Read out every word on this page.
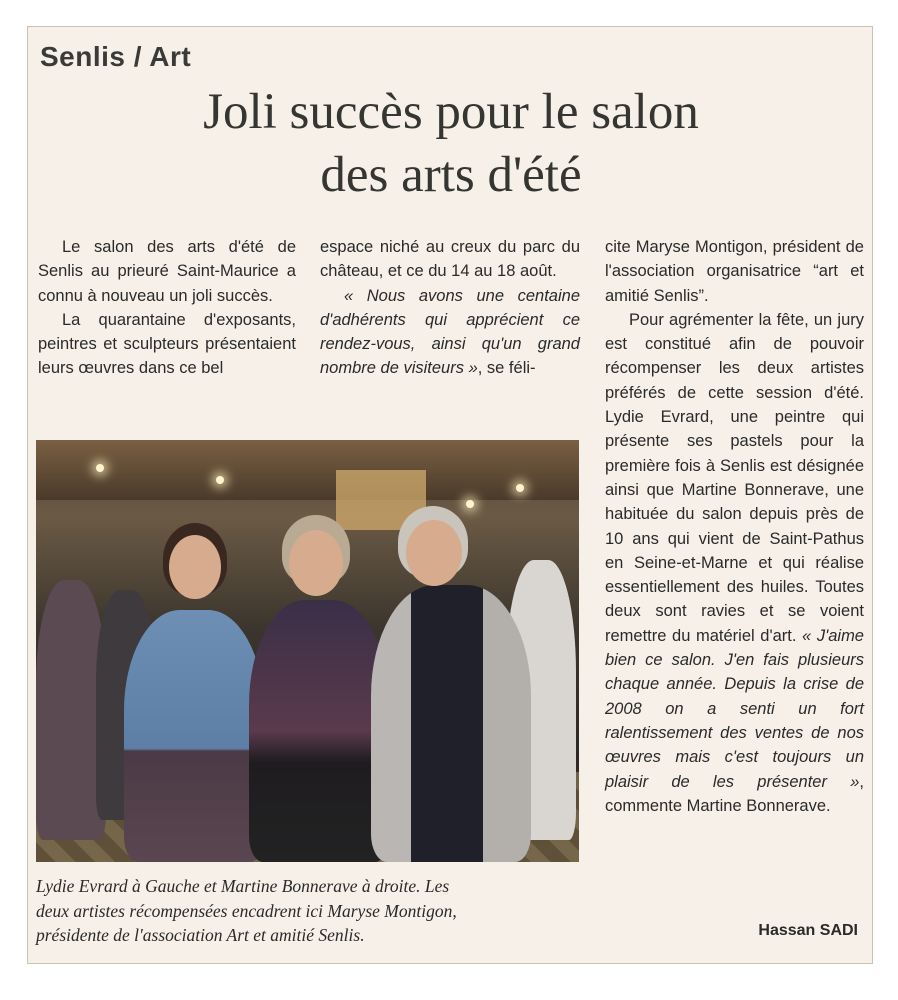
Senlis / Art
Joli succès pour le salon
des arts d'été

Le salon des arts d'été de Senlis au prieuré Saint-Maurice a connu à nouveau un joli succès.

La quarantaine d'exposants, peintres et sculpteurs présentaient leurs œuvres dans ce bel

espace niché au creux du parc du château, et ce du 14 au 18 août.

« Nous avons une centaine d'adhérents qui apprécient ce rendez-vous, ainsi qu'un grand nombre de visiteurs », se féli-

cite Maryse Montigon, président de l'association organisatrice “art et amitié Senlis”.

Pour agrémenter la fête, un jury est constitué afin de pouvoir récompenser les deux artistes préférés de cette session d'été. Lydie Evrard, une peintre qui présente ses pastels pour la première fois à Senlis est désignée ainsi que Martine Bonnerave, une habituée du salon depuis près de 10 ans qui vient de Saint-Pathus en Seine-et-Marne et qui réalise essentiellement des huiles. Toutes deux sont ravies et se voient remettre du matériel d'art. « J'aime bien ce salon. J'en fais plusieurs chaque année. Depuis la crise de 2008 on a senti un fort ralentissement des ventes de nos œuvres mais c'est toujours un plaisir de les présenter », commente Martine Bonnerave.

Lydie Evrard à Gauche et Martine Bonnerave à droite. Les
deux artistes récompensées encadrent ici Maryse Montigon,
présidente de l'association Art et amitié Senlis.	Hassan SADI
